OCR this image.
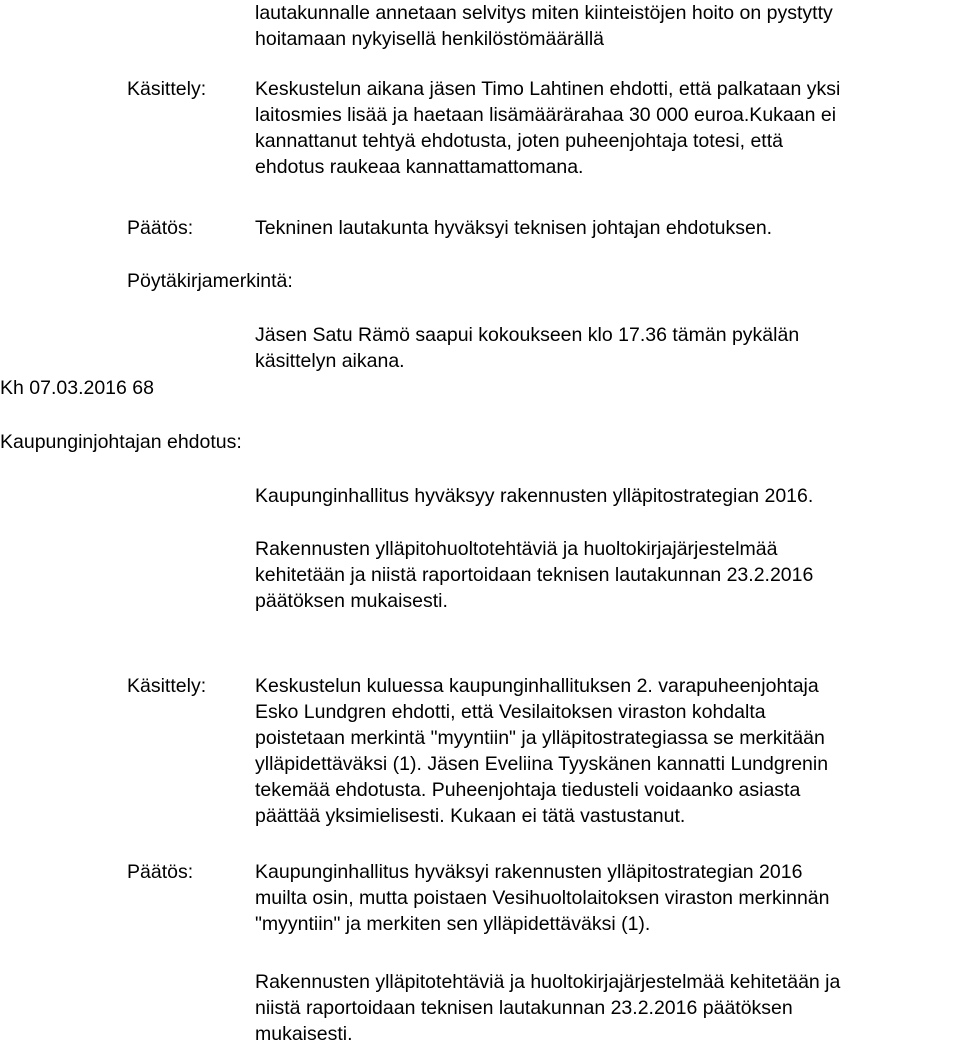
lautakunnalle annetaan selvitys miten kiinteistöjen hoito on pystytty
hoitamaan nykyisellä henkilöstömäärällä
Käsittely:	Keskustelun aikana jäsen Timo Lahtinen ehdotti, että palkataan yksi
laitosmies lisää ja haetaan lisämäärärahaa 30 000 euroa.Kukaan ei
kannattanut tehtyä ehdotusta, joten puheenjohtaja totesi, että
ehdotus raukeaa kannattamattomana.
Päätös:	Tekninen lautakunta hyväksyi teknisen johtajan ehdotuksen.
Pöytäkirjamerkintä:
Jäsen Satu Rämö saapui kokoukseen klo 17.36 tämän pykälän
käsittelyn aikana.
Kh 07.03.2016 68
Kaupunginjohtajan ehdotus:
Kaupunginhallitus hyväksyy rakennusten ylläpitostrategian 2016.
Rakennusten ylläpitohuoltotehtäviä ja huoltokirjajärjestelmää
kehitetään ja niistä raportoidaan teknisen lautakunnan 23.2.2016
päätöksen mukaisesti.
Käsittely:	Keskustelun kuluessa kaupunginhallituksen 2. varapuheenjohtaja
Esko Lundgren ehdotti, että Vesilaitoksen viraston kohdalta
poistetaan merkintä "myyntiin" ja ylläpitostrategiassa se merkitään
ylläpidettäväksi (1). Jäsen Eveliina Tyyskänen kannatti Lundgrenin
tekemää ehdotusta. Puheenjohtaja tiedusteli voidaanko asiasta
päättää yksimielisesti. Kukaan ei tätä vastustanut.
Päätös:	Kaupunginhallitus hyväksyi rakennusten ylläpitostrategian 2016
muilta osin, mutta poistaen Vesihuoltolaitoksen viraston merkinnän
"myyntiin" ja merkiten sen ylläpidettäväksi (1).
Rakennusten ylläpitotehtäviä ja huoltokirjajärjestelmää kehitetään ja
niistä raportoidaan teknisen lautakunnan 23.2.2016 päätöksen
mukaisesti.
